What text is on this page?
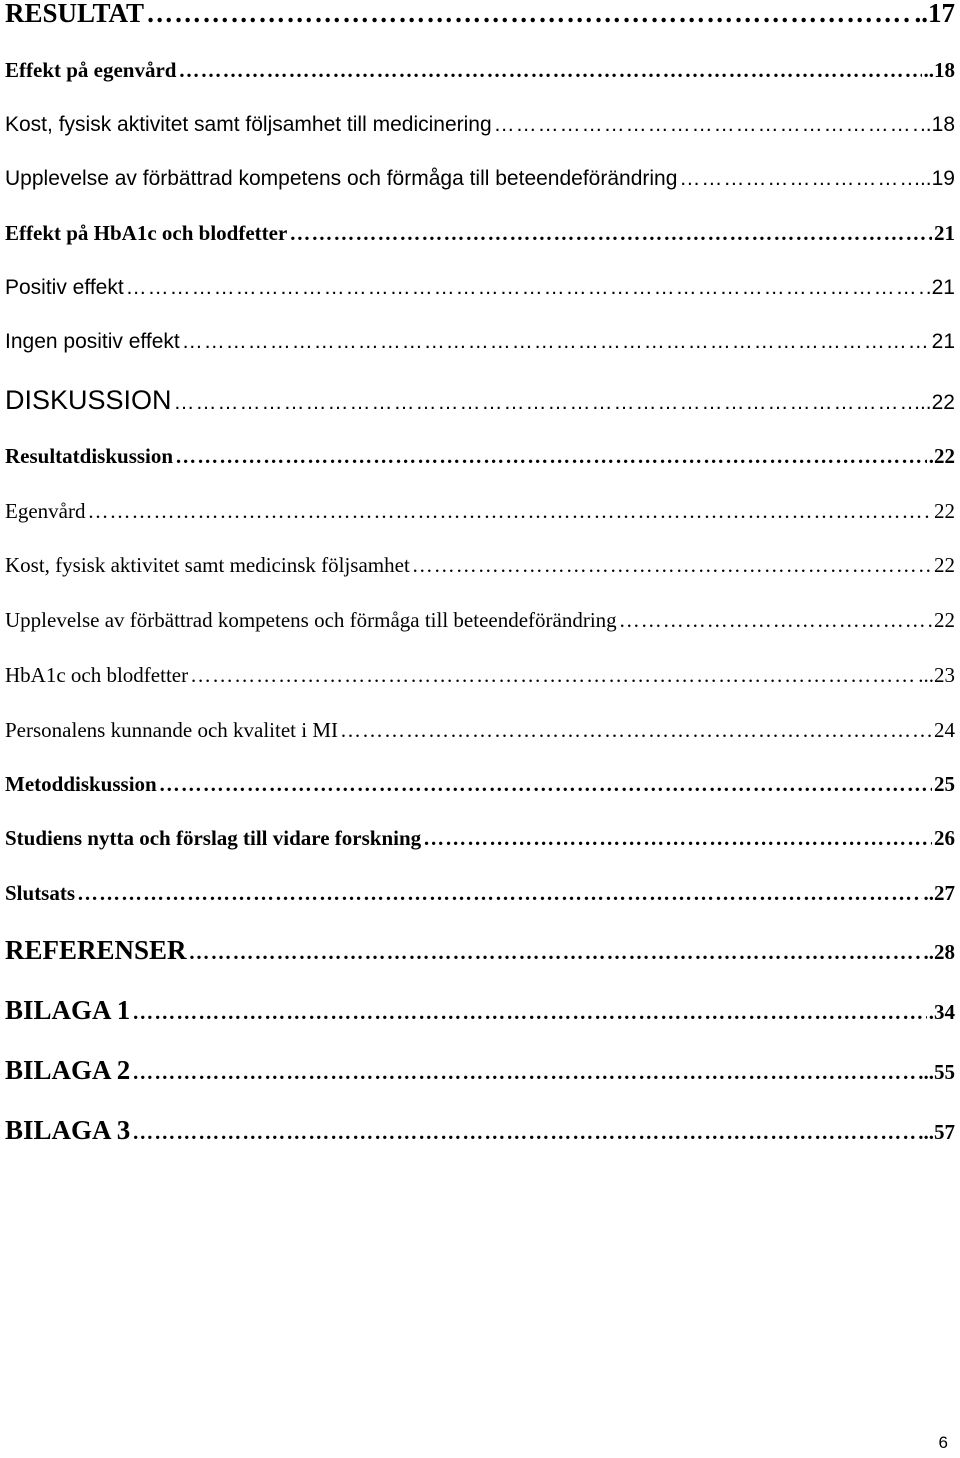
RESULTAT …………………………………………………………………………………………………………………………………………………………………………………………………	..17
Effekt på egenvård …………………………………………………………………………………………………………………………………………………………………………………………………	..18
Kost, fysisk aktivitet samt följsamhet till medicinering …………………………………………………………………………………………………………………………………………………………………………………………………	..18
Upplevelse av förbättrad kompetens och förmåga till beteendeförändring …………………………………………………………………………………………………………………………………………………………………………………………………	...19
Effekt på HbA1c och blodfetter …………………………………………………………………………………………………………………………………………………………………………………………………	21
Positiv effekt …………………………………………………………………………………………………………………………………………………………………………………………………	.21
Ingen positiv effekt …………………………………………………………………………………………………………………………………………………………………………………………………	21
DISKUSSION …………………………………………………………………………………………………………………………………………………………………………………………………	...22
Resultatdiskussion …………………………………………………………………………………………………………………………………………………………………………………………………	.22
Egenvård …………………………………………………………………………………………………………………………………………………………………………………………………	22
Kost, fysisk aktivitet samt medicinsk följsamhet …………………………………………………………………………………………………………………………………………………………………………………………………	22
Upplevelse av förbättrad kompetens och förmåga till beteendeförändring …………………………………………………………………………………………………………………………………………………………………………………………………	22
HbA1c och blodfetter …………………………………………………………………………………………………………………………………………………………………………………………………	...23
Personalens kunnande och kvalitet i MI …………………………………………………………………………………………………………………………………………………………………………………………………	24
Metoddiskussion …………………………………………………………………………………………………………………………………………………………………………………………………	25
Studiens nytta och förslag till vidare forskning …………………………………………………………………………………………………………………………………………………………………………………………………	26
Slutsats …………………………………………………………………………………………………………………………………………………………………………………………………	..27
REFERENSER …………………………………………………………………………………………………………………………………………………………………………………………………	..28
BILAGA 1 …………………………………………………………………………………………………………………………………………………………………………………………………	.34
BILAGA 2 …………………………………………………………………………………………………………………………………………………………………………………………………	...55
BILAGA 3 …………………………………………………………………………………………………………………………………………………………………………………………………	...57
6
